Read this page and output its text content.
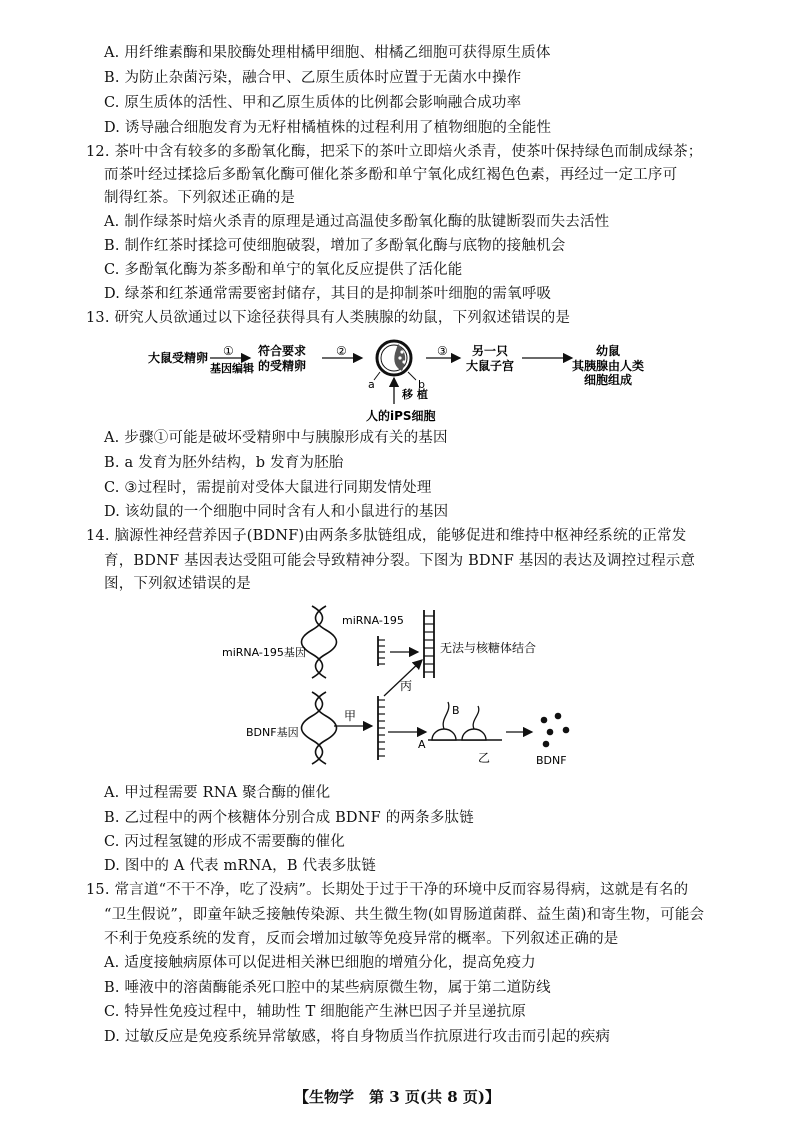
A. 用纤维素酶和果胶酶处理柑橘甲细胞、柑橘乙细胞可获得原生质体
B. 为防止杂菌污染，融合甲、乙原生质体时应置于无菌水中操作
C. 原生质体的活性、甲和乙原生质体的比例都会影响融合成功率
D. 诱导融合细胞发育为无籽柑橘植株的过程利用了植物细胞的全能性
12. 茶叶中含有较多的多酚氧化酶，把采下的茶叶立即焙火杀青，使茶叶保持绿色而制成绿茶；
而茶叶经过揉捻后多酚氧化酶可催化茶多酚和单宁氧化成红褐色色素，再经过一定工序可
制得红茶。下列叙述正确的是
A. 制作绿茶时焙火杀青的原理是通过高温使多酚氧化酶的肽键断裂而失去活性
B. 制作红茶时揉捻可使细胞破裂，增加了多酚氧化酶与底物的接触机会
C. 多酚氧化酶为茶多酚和单宁的氧化反应提供了活化能
D. 绿茶和红茶通常需要密封储存，其目的是抑制茶叶细胞的需氧呼吸
13. 研究人员欲通过以下途径获得具有人类胰腺的幼鼠，下列叙述错误的是
大鼠受精卵 ①
基因编辑
符合要求
的受精卵
②
a	b
移 植
人的iPS细胞
③ 另一只
大鼠子宫
幼鼠
其胰腺由人类
细胞组成
A. 步骤①可能是破坏受精卵中与胰腺形成有关的基因
B. a 发育为胚外结构，b 发育为胚胎
C. ③过程时，需提前对受体大鼠进行同期发情处理
D. 该幼鼠的一个细胞中同时含有人和小鼠进行的基因
14. 脑源性神经营养因子(BDNF)由两条多肽链组成，能够促进和维持中枢神经系统的正常发
育，BDNF 基因表达受阻可能会导致精神分裂。下图为 BDNF 基因的表达及调控过程示意
图，下列叙述错误的是
miRNA-195基因
miRNA-195
无法与核糖体结合
BDNF基因
甲
丙
A
B
乙	BDNF
A. 甲过程需要 RNA 聚合酶的催化
B. 乙过程中的两个核糖体分别合成 BDNF 的两条多肽链
C. 丙过程氢键的形成不需要酶的催化
D. 图中的 A 代表 mRNA，B 代表多肽链
15. 常言道“不干不净，吃了没病”。长期处于过于干净的环境中反而容易得病，这就是有名的
“卫生假说”，即童年缺乏接触传染源、共生微生物(如胃肠道菌群、益生菌)和寄生物，可能会
不利于免疫系统的发育，反而会增加过敏等免疫异常的概率。下列叙述正确的是
A. 适度接触病原体可以促进相关淋巴细胞的增殖分化，提高免疫力
B. 唾液中的溶菌酶能杀死口腔中的某些病原微生物，属于第二道防线
C. 特异性免疫过程中，辅助性 T 细胞能产生淋巴因子并呈递抗原
D. 过敏反应是免疫系统异常敏感，将自身物质当作抗原进行攻击而引起的疾病
【生物学　第 3 页(共 8 页)】
